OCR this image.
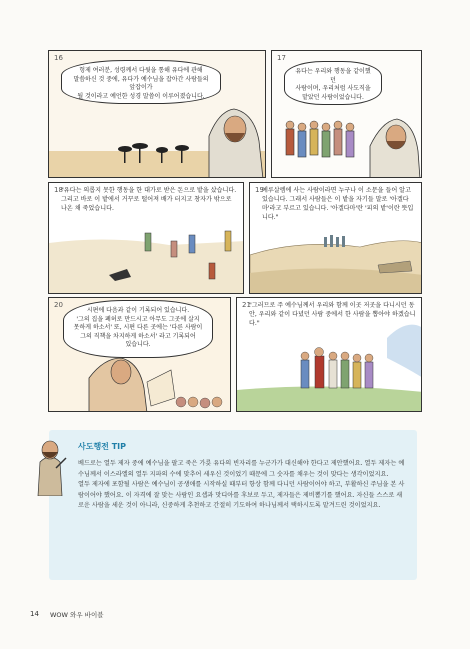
16
헝제 여러분, 성령께서 다윗을 통해 유다에 관해
말씀하신 것 중에, 유다가 예수님을 잡아간 사람들의 앞잡이가
될 것이라고 예언한 성경 말씀이 이루어졌습니다.
17
유다는 우리와 행동을 같이했던
사람이며, 우리처럼 사도직을
맡았던 사람이었습니다.
18
"유다는 의롭지 못한 행동을 한 대가로 받은 돈으로 밭을 샀습니다. 그리고 바로 이 밭에서 거꾸로 떨어져 배가 터지고 창자가 밖으로 나온 채 죽었습니다.
19
예루살렘에 사는 사람이라면 누구나 이 소문을 들어 알고 있습니다. 그래서 사람들은 이 밭을 자기들 말로 '아겔다마'라고 부르고 있습니다. '아겔다마'란 '피의 밭'이란 뜻입니다."
20
시편에 다음과 같이 기록되어 있습니다.
'그의 집을 폐허로 만드시고 아무도 그곳에 살지
못하게 하소서' 또, 시편 다른 곳에는 '다른 사람이
그의 직책을 차지하게 하소서' 라고 기록되어
있습니다.
21
"그러므로 주 예수님께서 우리와 함께 이곳 저곳을 다니시던 동안, 우리와 같이 다녔던 사람 중에서 한 사람을 뽑아야 하겠습니다."
사도행전 TIP
베드로는 열두 제자 중에 예수님을 팔고 죽은 가룟 유다의 빈자리를 누군가가 대신해야 한다고 제안했어요. 열두 제자는 예수님께서 이스라엘의 열두 지파의 수에 맞추어 세우신 것이었기 때문에 그 숫자를 채우는 것이 맞다는 생각이었지요.
열두 제자에 포함될 사람은 예수님이 공생애를 시작하실 때부터 항상 함께 다니던 사람이어야 하고, 부활하신 주님을 본 사람이어야 했어요. 이 자격에 잘 맞는 사람인 요셉과 맛디아를 후보로 두고, 제자들은 제비뽑기를 했어요. 자신들 스스로 새로운 사람을 세운 것이 아니라, 신중하게 추천하고 간절히 기도하여 하나님께서 택하시도록 맡겨드린 것이었지요.
14 WOW 와우 바이블
